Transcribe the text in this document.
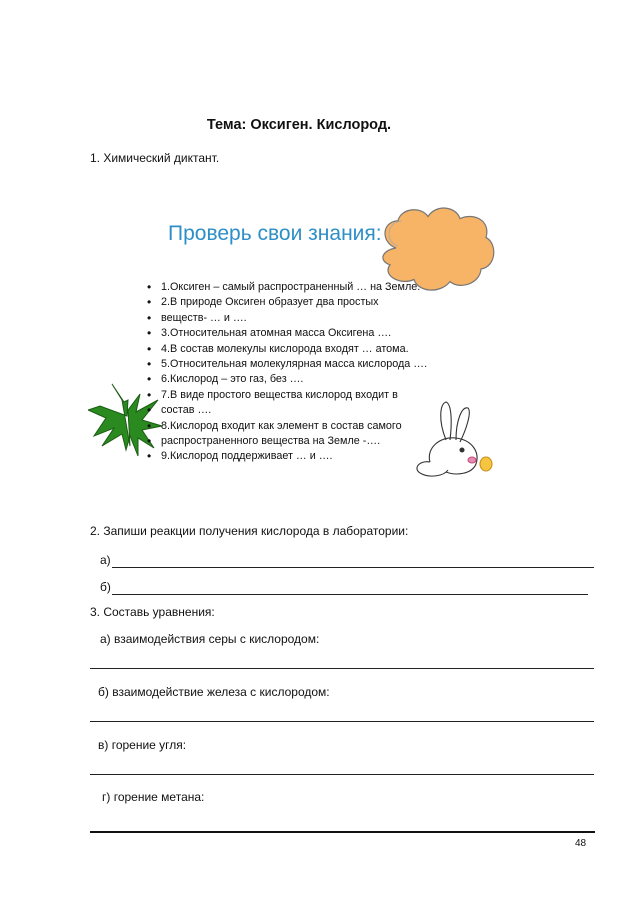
Тема: Оксиген. Кислород.
1. Химический диктант.
Проверь свои знания:
• 1.Оксиген – самый распространенный … на Земле.
• 2.В природе Оксиген образует два простых
• веществ- … и ….
• 3.Относительная атомная масса Оксигена ….
• 4.В состав молекулы кислорода входят … атома.
• 5.Относительная молекулярная масса кислорода ….
• 6.Кислород – это газ, без ….
• 7.В виде простого вещества кислород входит в
• состав ….
• 8.Кислород входит как элемент в состав самого
• распространенного вещества на Земле -….
• 9.Кислород поддерживает … и ….
2. Запиши реакции получения кислорода в лаборатории:
а)
б)
3. Составь уравнения:
а) взаимодействия серы с кислородом:
б) взаимодействие железа с кислородом:
в) горение угля:
г) горение метана:
48
